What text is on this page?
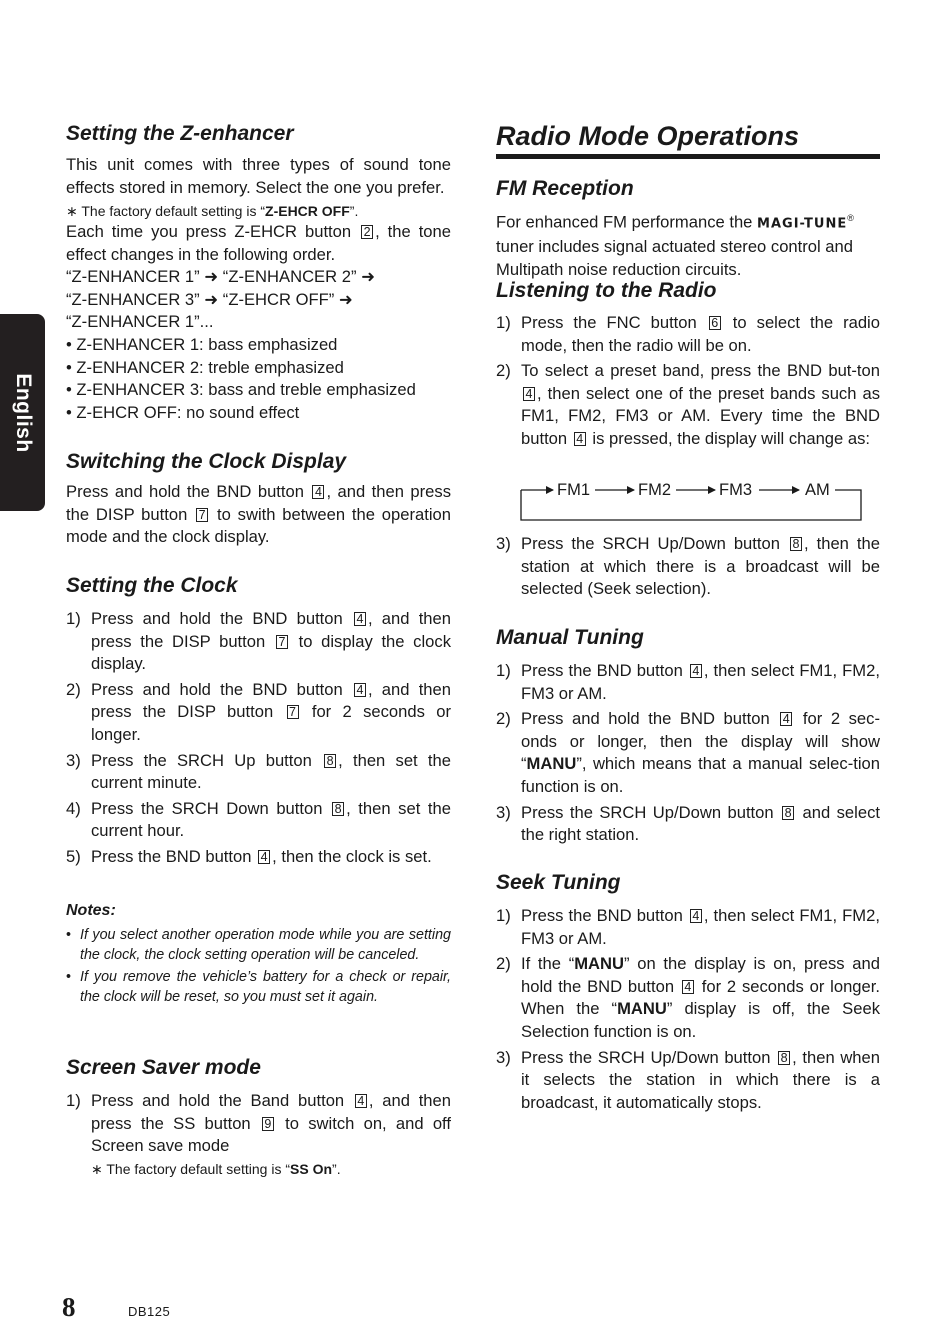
English
Setting the Z-enhancer
This unit comes with three types of sound tone effects stored in memory. Select the one you prefer.
∗ The factory default setting is “Z-EHCR OFF”.
Each time you press Z-EHCR button 2 , the tone effect changes in the following order.
“Z-ENHANCER 1” ➜ “Z-ENHANCER 2” ➜
“Z-ENHANCER 3” ➜ “Z-EHCR OFF” ➜
“Z-ENHANCER 1”...
• Z-ENHANCER 1: bass emphasized
• Z-ENHANCER 2: treble emphasized
• Z-ENHANCER 3: bass and treble emphasized
• Z-EHCR OFF: no sound effect
Switching the Clock Display
Press and hold the BND button 4 , and then press the DISP button 7 to swith between the operation mode and the clock display.
Setting the Clock
1) Press and hold the BND button 4 , and then press the DISP button 7 to display the clock display.
2) Press and hold the BND button 4 , and then press the DISP button 7 for 2 seconds or longer.
3) Press the SRCH Up button 8 , then set the current minute.
4) Press the SRCH Down button 8 , then set the current hour.
5) Press the BND button 4 , then the clock is set.
Notes:
• If you select another operation mode while you are setting the clock, the clock setting operation will be canceled.
• If you remove the vehicle’s battery for a check or repair, the clock will be reset, so you must set it again.
Screen Saver mode
1) Press and hold the Band button 4 , and then press the SS button 9 to switch on, and off Screen save mode
∗ The factory default setting is “SS On”.
Radio Mode Operations
FM Reception
For enhanced FM performance the MAGI-TUNE® tuner includes signal actuated stereo control and Multipath noise reduction circuits.
Listening to the Radio
1) Press the FNC button 6 to select the radio mode, then the radio will be on.
2) To select a preset band, press the BND but-ton 4 , then select one of the preset bands such as FM1, FM2, FM3 or AM. Every time the BND button 4 is pressed, the display will change as:
FM1	FM2	FM3	AM
3) Press the SRCH Up/Down button 8 , then the station at which there is a broadcast will be selected (Seek selection).
Manual Tuning
1) Press the BND button 4 , then select FM1, FM2, FM3 or AM.
2) Press and hold the BND button 4 for 2 sec-onds or longer, then the display will show “MANU”, which means that a manual selec-tion function is on.
3) Press the SRCH Up/Down button 8 and select the right station.
Seek Tuning
1) Press the BND button 4 , then select FM1, FM2, FM3 or AM.
2) If the “MANU” on the display is on, press and hold the BND button 4 for 2 seconds or longer. When the “MANU” display is off, the Seek Selection function is on.
3) Press the SRCH Up/Down button 8 , then when it selects the station in which there is a broadcast, it automatically stops.
8	DB125
